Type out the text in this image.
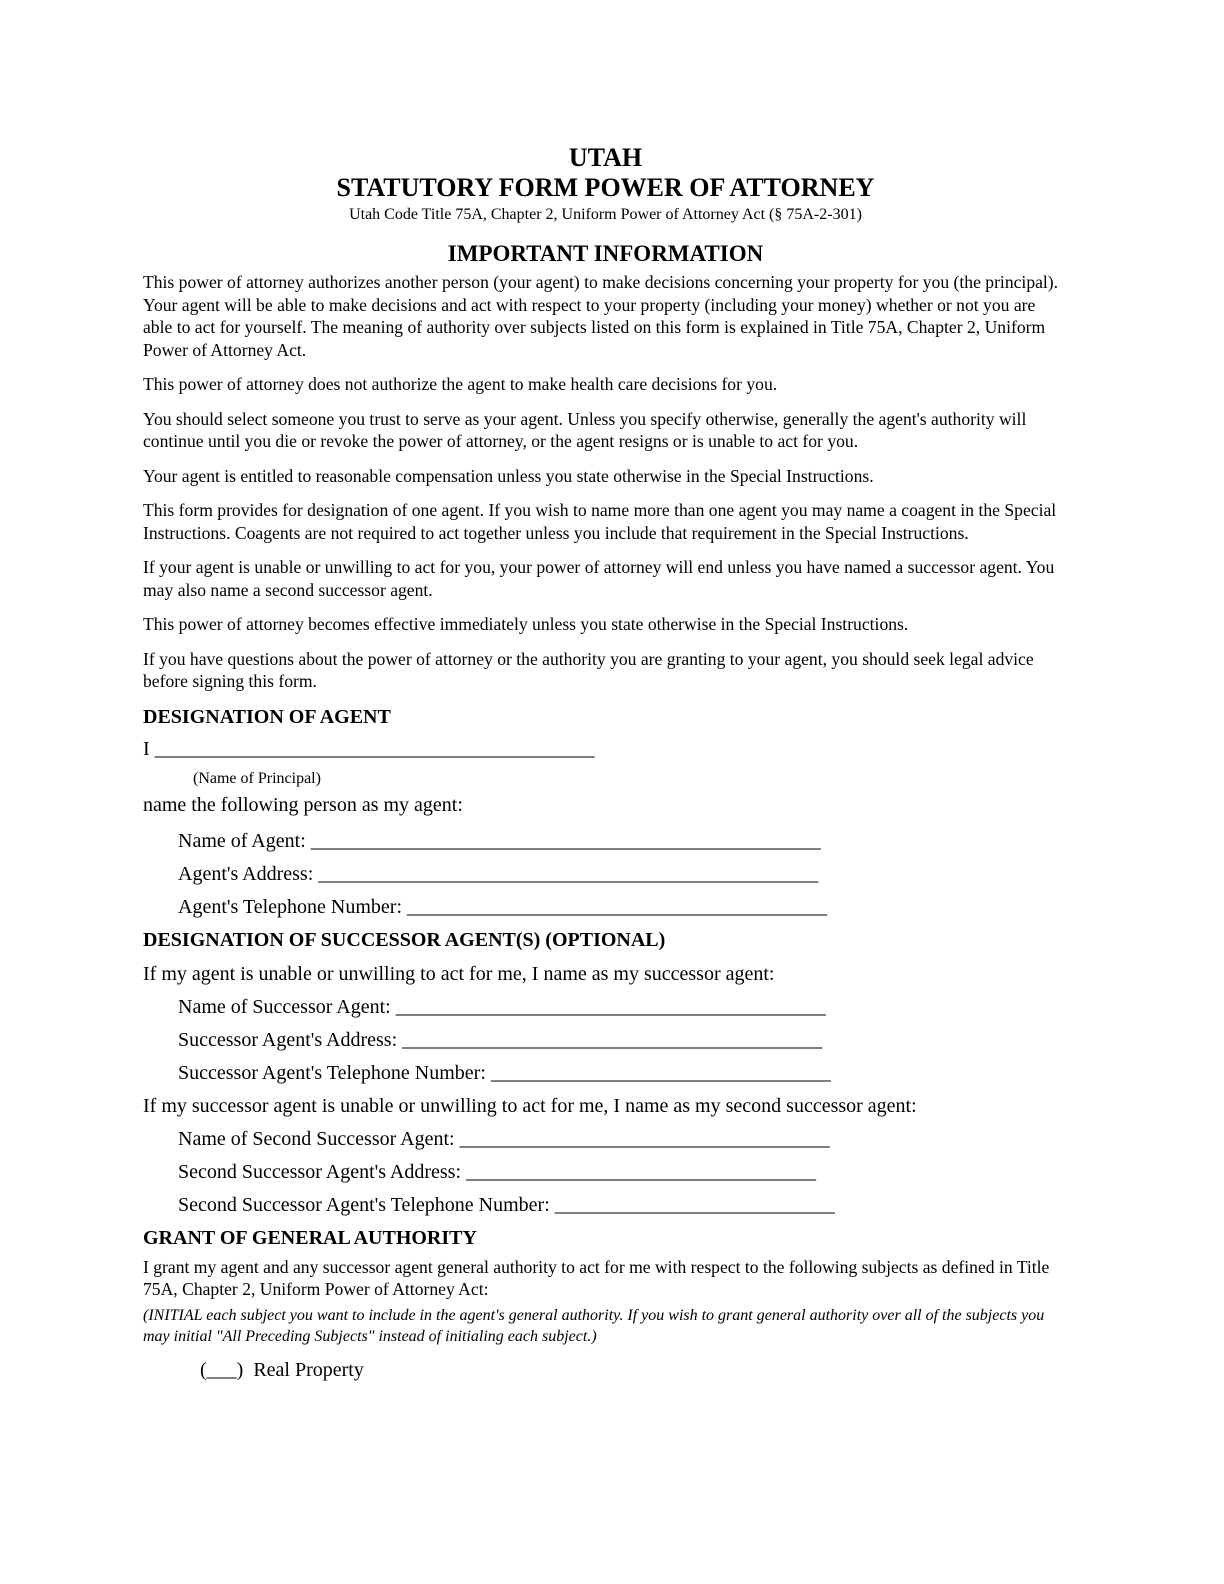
UTAH
STATUTORY FORM POWER OF ATTORNEY
Utah Code Title 75A, Chapter 2, Uniform Power of Attorney Act (§ 75A-2-301)
IMPORTANT INFORMATION

This power of attorney authorizes another person (your agent) to make decisions concerning your property for you (the principal). Your agent will be able to make decisions and act with respect to your property (including your money) whether or not you are able to act for yourself. The meaning of authority over subjects listed on this form is explained in Title 75A, Chapter 2, Uniform Power of Attorney Act.

This power of attorney does not authorize the agent to make health care decisions for you.

You should select someone you trust to serve as your agent. Unless you specify otherwise, generally the agent's authority will continue until you die or revoke the power of attorney, or the agent resigns or is unable to act for you.

Your agent is entitled to reasonable compensation unless you state otherwise in the Special Instructions.

This form provides for designation of one agent. If you wish to name more than one agent you may name a coagent in the Special Instructions. Coagents are not required to act together unless you include that requirement in the Special Instructions.

If your agent is unable or unwilling to act for you, your power of attorney will end unless you have named a successor agent. You may also name a second successor agent.

This power of attorney becomes effective immediately unless you state otherwise in the Special Instructions.

If you have questions about the power of attorney or the authority you are granting to your agent, you should seek legal advice before signing this form.

DESIGNATION OF AGENT
I ____________________________________________
(Name of Principal)
name the following person as my agent:
Name of Agent: ___________________________________________________
Agent's Address: __________________________________________________
Agent's Telephone Number: __________________________________________
DESIGNATION OF SUCCESSOR AGENT(S) (OPTIONAL)
If my agent is unable or unwilling to act for me, I name as my successor agent:
Name of Successor Agent: ___________________________________________
Successor Agent's Address: __________________________________________
Successor Agent's Telephone Number: __________________________________
If my successor agent is unable or unwilling to act for me, I name as my second successor agent:
Name of Second Successor Agent: _____________________________________
Second Successor Agent's Address: ___________________________________
Second Successor Agent's Telephone Number: ____________________________
GRANT OF GENERAL AUTHORITY

I grant my agent and any successor agent general authority to act for me with respect to the following subjects as defined in Title 75A, Chapter 2, Uniform Power of Attorney Act:

(INITIAL each subject you want to include in the agent's general authority. If you wish to grant general authority over all of the subjects you may initial "All Preceding Subjects" instead of initialing each subject.)

(___) Real Property
